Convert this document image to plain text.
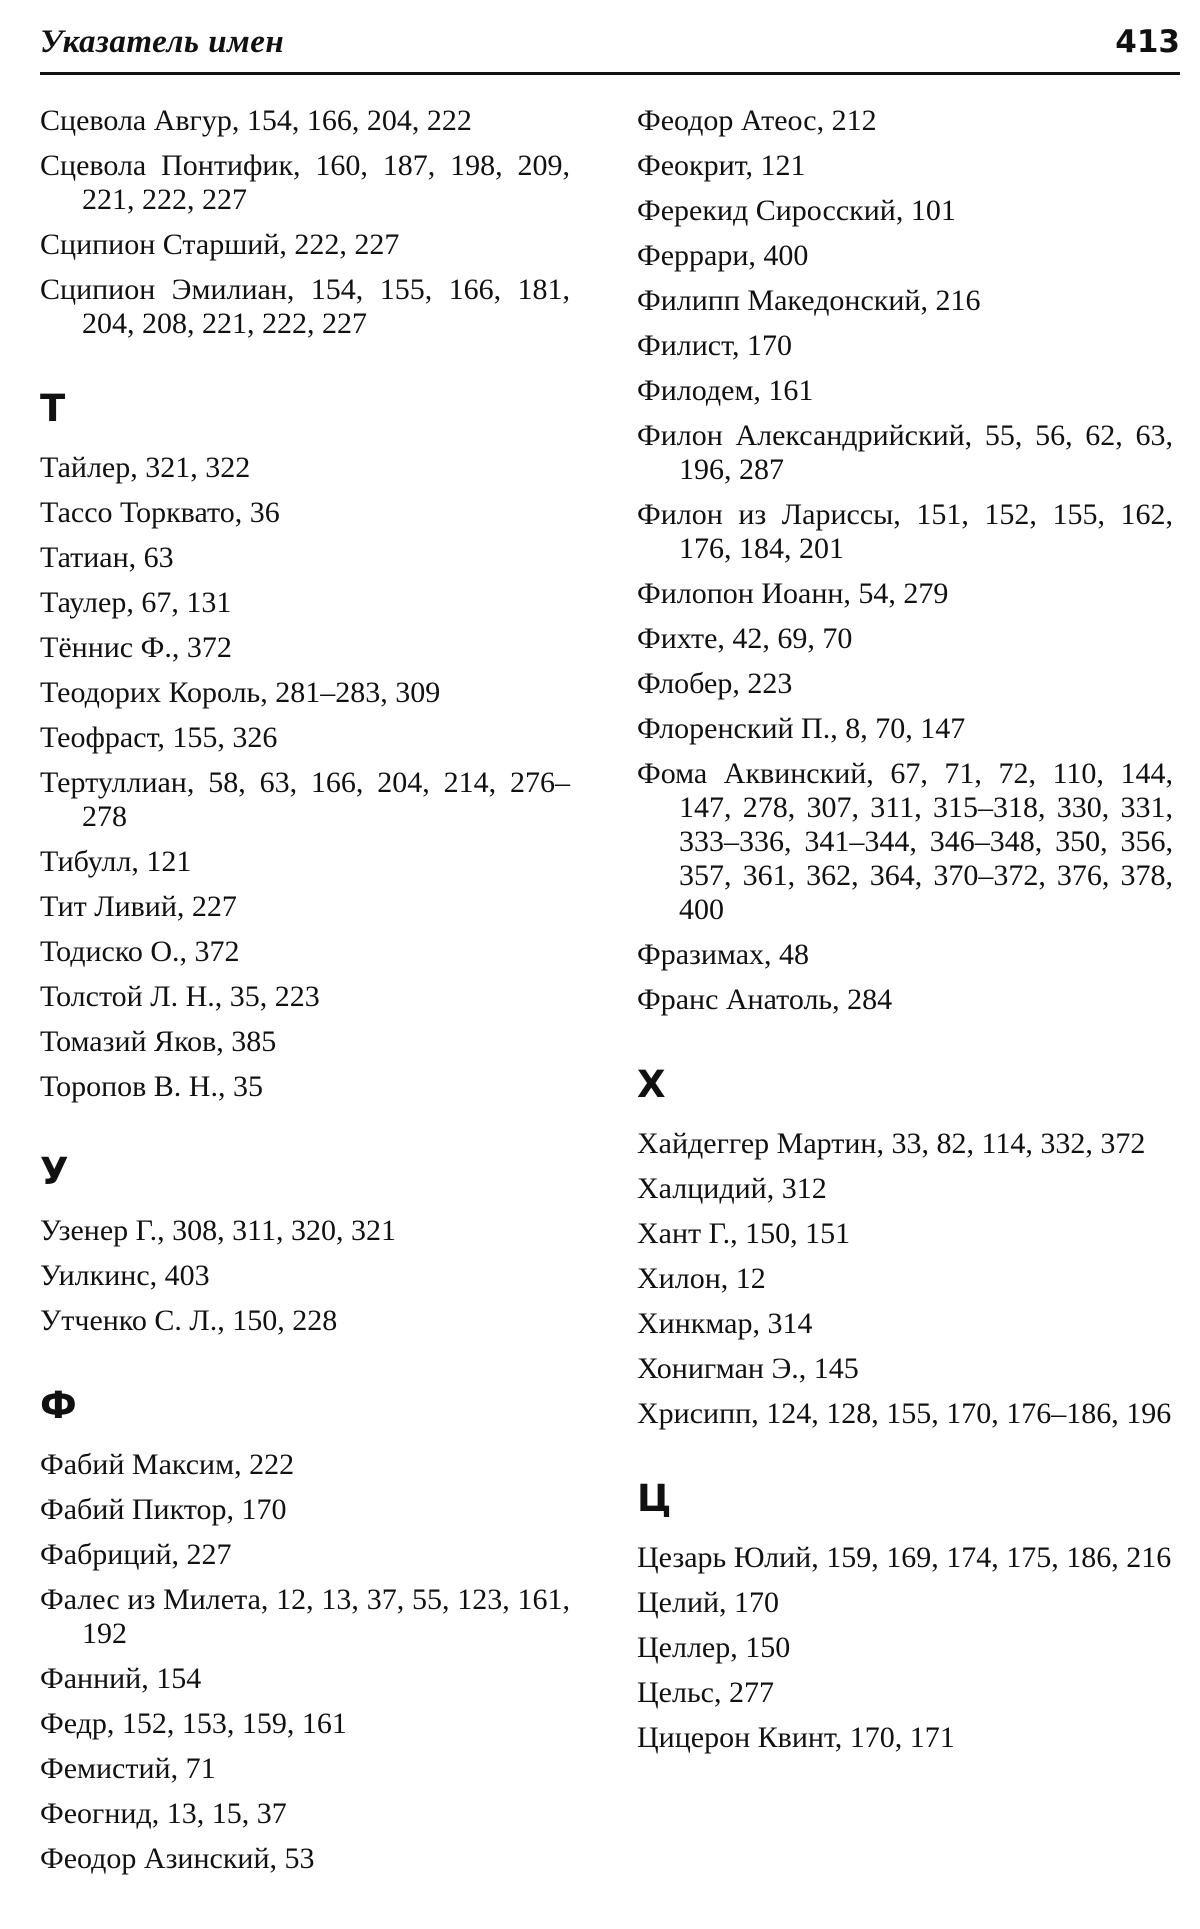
Указатель имен	413
Сцевола Авгур, 154, 166, 204, 222
Сцевола Понтифик, 160, 187, 198, 209, 221, 222, 227
Сципион Старший, 222, 227
Сципион Эмилиан, 154, 155, 166, 181, 204, 208, 221, 222, 227
Т
Тайлер, 321, 322
Тассо Торквато, 36
Татиан, 63
Таулер, 67, 131
Тённис Ф., 372
Теодорих Король, 281–283, 309
Теофраст, 155, 326
Тертуллиан, 58, 63, 166, 204, 214, 276–278
Тибулл, 121
Тит Ливий, 227
Тодиско О., 372
Толстой Л. Н., 35, 223
Томазий Яков, 385
Торопов В. Н., 35
У
Узенер Г., 308, 311, 320, 321
Уилкинс, 403
Утченко С. Л., 150, 228
Ф
Фабий Максим, 222
Фабий Пиктор, 170
Фабриций, 227
Фалес из Милета, 12, 13, 37, 55, 123, 161, 192
Фанний, 154
Федр, 152, 153, 159, 161
Фемистий, 71
Феогнид, 13, 15, 37
Феодор Азинский, 53
Феодор Атеос, 212
Феокрит, 121
Ферекид Сиросский, 101
Феррари, 400
Филипп Македонский, 216
Филист, 170
Филодем, 161
Филон Александрийский, 55, 56, 62, 63, 196, 287
Филон из Ларисcы, 151, 152, 155, 162, 176, 184, 201
Филопон Иоанн, 54, 279
Фихте, 42, 69, 70
Флобер, 223
Флоренский П., 8, 70, 147
Фома Аквинский, 67, 71, 72, 110, 144, 147, 278, 307, 311, 315–318, 330, 331, 333–336, 341–344, 346–348, 350, 356, 357, 361, 362, 364, 370–372, 376, 378, 400
Фразимах, 48
Франс Анатоль, 284
Х
Хайдеггер Мартин, 33, 82, 114, 332, 372
Халцидий, 312
Хант Г., 150, 151
Хилон, 12
Хинкмар, 314
Хонигман Э., 145
Хрисипп, 124, 128, 155, 170, 176–186, 196
Ц
Цезарь Юлий, 159, 169, 174, 175, 186, 216
Целий, 170
Целлер, 150
Цельс, 277
Цицерон Квинт, 170, 171
